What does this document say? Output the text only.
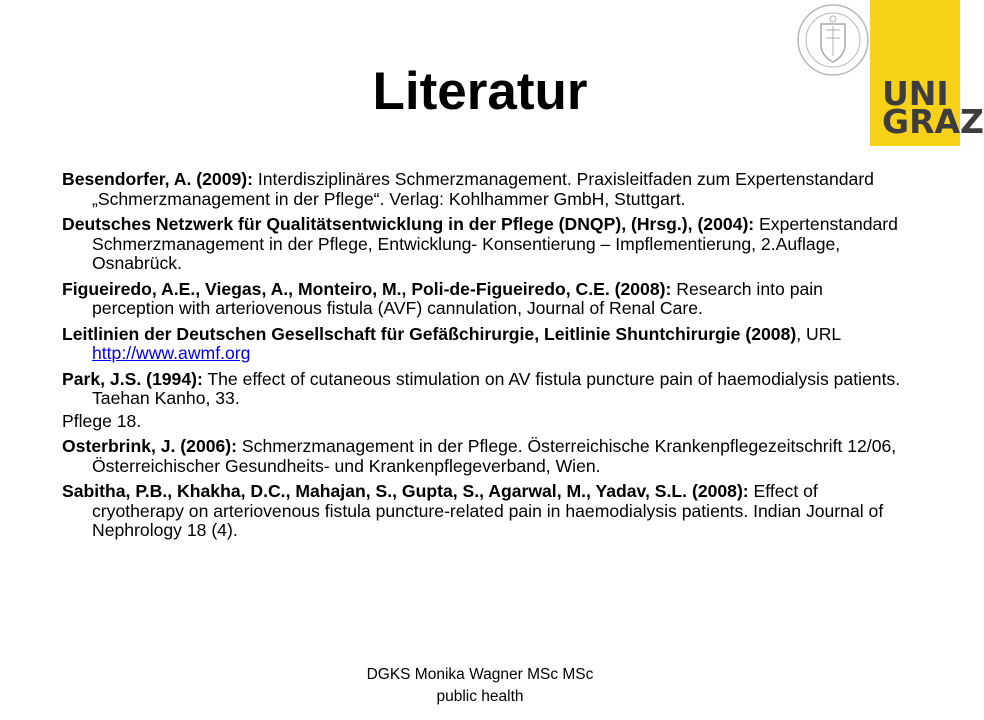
Literatur	UNI
GRAZ

Besendorfer, A. (2009): Interdisziplinäres Schmerzmanagement. Praxisleitfaden zum Expertenstandard „Schmerzmanagement in der Pflege“. Verlag: Kohlhammer GmbH, Stuttgart.

Deutsches Netzwerk für Qualitätsentwicklung in der Pflege (DNQP), (Hrsg.), (2004): Expertenstandard Schmerzmanagement in der Pflege, Entwicklung- Konsentierung – Impflementierung, 2.Auflage, Osnabrück.

Figueiredo, A.E., Viegas, A., Monteiro, M., Poli-de-Figueiredo, C.E. (2008): Research into pain perception with arteriovenous fistula (AVF) cannulation, Journal of Renal Care.

Leitlinien der Deutschen Gesellschaft für Gefäßchirurgie, Leitlinie Shuntchirurgie (2008), URL http://www.awmf.org

Park, J.S. (1994): The effect of cutaneous stimulation on AV fistula puncture pain of haemodialysis patients. Taehan Kanho, 33.
Pflege 18.

Osterbrink, J. (2006): Schmerzmanagement in der Pflege. Österreichische Krankenpflegezeitschrift 12/06, Österreichischer Gesundheits- und Krankenpflegeverband, Wien.

Sabitha, P.B., Khakha, D.C., Mahajan, S., Gupta, S., Agarwal, M., Yadav, S.L. (2008): Effect of cryotherapy on arteriovenous fistula puncture-related pain in haemodialysis patients. Indian Journal of Nephrology 18 (4).

DGKS Monika Wagner MSc MSc
public health
